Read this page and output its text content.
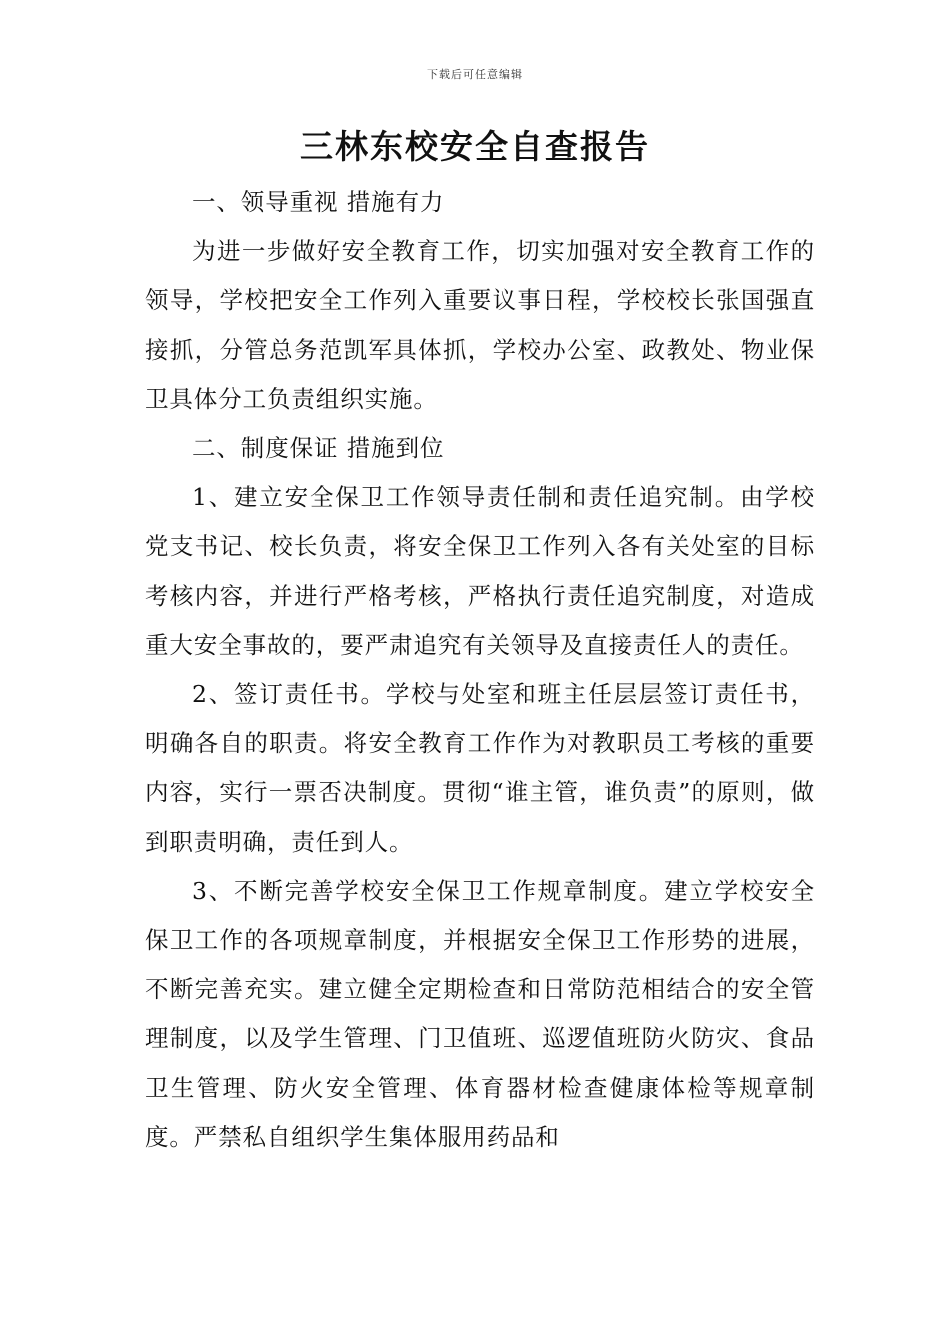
下载后可任意编辑
三林东校安全自查报告

一、领导重视 措施有力

为进一步做好安全教育工作，切实加强对安全教育工作的领导，学校把安全工作列入重要议事日程，学校校长张国强直接抓，分管总务范凯军具体抓，学校办公室、政教处、物业保卫具体分工负责组织实施。

二、制度保证 措施到位

1、建立安全保卫工作领导责任制和责任追究制。由学校党支书记、校长负责，将安全保卫工作列入各有关处室的目标考核内容，并进行严格考核，严格执行责任追究制度，对造成重大安全事故的，要严肃追究有关领导及直接责任人的责任。

2、签订责任书。学校与处室和班主任层层签订责任书，明确各自的职责。将安全教育工作作为对教职员工考核的重要内容，实行一票否决制度。贯彻“谁主管，谁负责”的原则，做到职责明确，责任到人。

3、不断完善学校安全保卫工作规章制度。建立学校安全保卫工作的各项规章制度，并根据安全保卫工作形势的进展，不断完善充实。建立健全定期检查和日常防范相结合的安全管理制度，以及学生管理、门卫值班、巡逻值班防火防灾、食品卫生管理、防火安全管理、体育器材检查健康体检等规章制度。严禁私自组织学生集体服用药品和
